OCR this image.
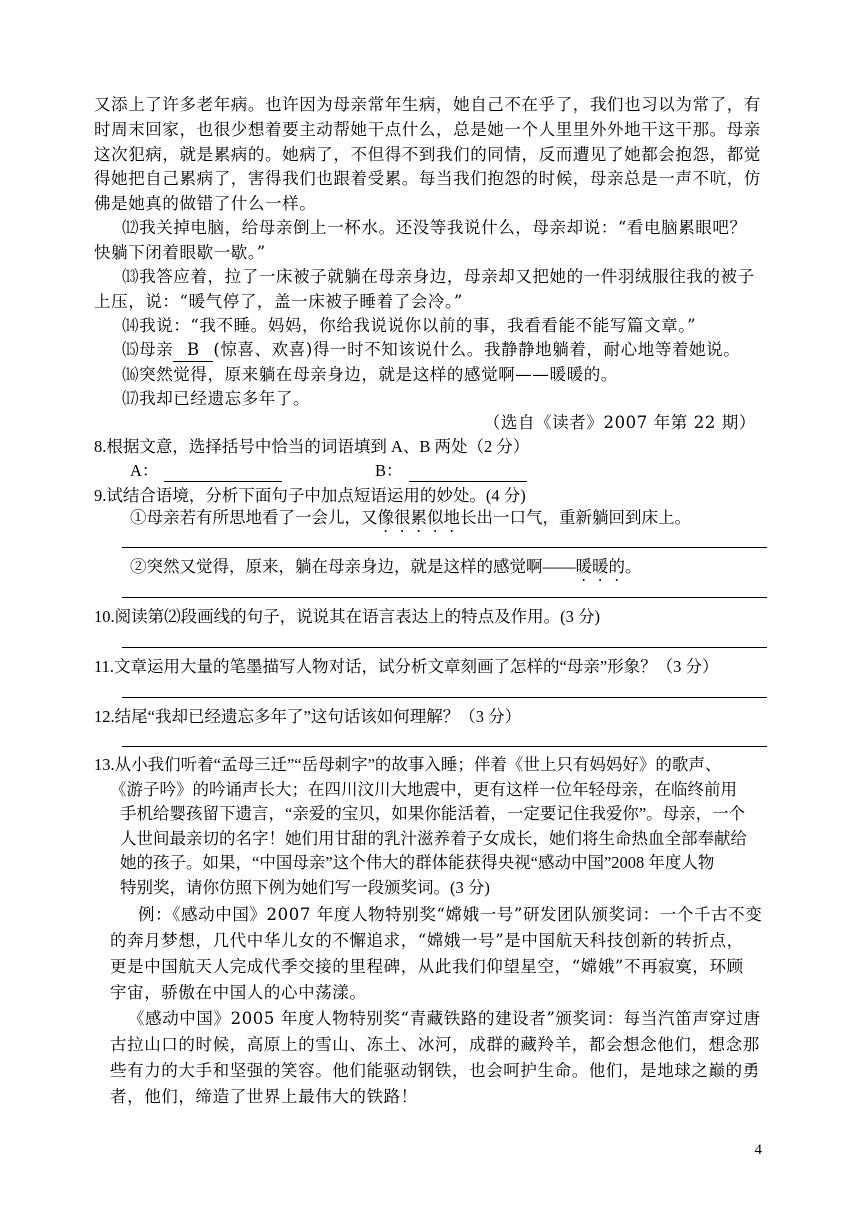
又添上了许多老年病。也许因为母亲常年生病，她自己不在乎了，我们也习以为常了，有
时周末回家，也很少想着要主动帮她干点什么，总是她一个人里里外外地干这干那。母亲
这次犯病，就是累病的。她病了，不但得不到我们的同情，反而遭见了她都会抱怨，都觉
得她把自己累病了，害得我们也跟着受累。每当我们抱怨的时候，母亲总是一声不吭，仿
佛是她真的做错了什么一样。
⑿我关掉电脑，给母亲倒上一杯水。还没等我说什么，母亲却说：“看电脑累眼吧？
快躺下闭着眼歇一歇。”
⒀我答应着，拉了一床被子就躺在母亲身边，母亲却又把她的一件羽绒服往我的被子
上压，说：“暖气停了，盖一床被子睡着了会冷。”
⒁我说：“我不睡。妈妈，你给我说说你以前的事，我看看能不能写篇文章。”
⒂母亲 B (惊喜、欢喜)得一时不知该说什么。我静静地躺着，耐心地等着她说。
⒃突然觉得，原来躺在母亲身边，就是这样的感觉啊——暖暖的。
⒄我却已经遗忘多年了。
（选自《读者》2007 年第 22 期）
8.根据文意，选择括号中恰当的词语填到 A、B 两处（2 分）
A：	B：
9.试结合语境，分析下面句子中加点短语运用的妙处。(4 分)
①母亲若有所思地看了一会儿，又像很累似地长出一口气，重新躺回到床上。
②突然又觉得，原来，躺在母亲身边，就是这样的感觉啊——暖暖的。
10.阅读第⑵段画线的句子，说说其在语言表达上的特点及作用。(3 分)
11.文章运用大量的笔墨描写人物对话，试分析文章刻画了怎样的“母亲”形象？（3 分）
12.结尾“我却已经遗忘多年了”这句话该如何理解？（3 分）
13.从小我们听着“孟母三迁”“岳母刺字”的故事入睡；伴着《世上只有妈妈好》的歌声、
《游子吟》的吟诵声长大；在四川汶川大地震中，更有这样一位年轻母亲，在临终前用
手机给婴孩留下遗言，“亲爱的宝贝，如果你能活着，一定要记住我爱你”。母亲，一个
人世间最亲切的名字！她们用甘甜的乳汁滋养着子女成长，她们将生命热血全部奉献给
她的孩子。如果，“中国母亲”这个伟大的群体能获得央视“感动中国”2008 年度人物
特别奖，请你仿照下例为她们写一段颁奖词。(3 分)
例：《感动中国》2007 年度人物特别奖“嫦娥一号”研发团队颁奖词：一个千古不变
的奔月梦想，几代中华儿女的不懈追求，“嫦娥一号”是中国航天科技创新的转折点，
更是中国航天人完成代季交接的里程碑，从此我们仰望星空，“嫦娥”不再寂寞，环顾
宇宙，骄傲在中国人的心中荡漾。
《感动中国》2005 年度人物特别奖“青藏铁路的建设者”颁奖词：每当汽笛声穿过唐
古拉山口的时候，高原上的雪山、冻土、冰河，成群的藏羚羊，都会想念他们，想念那
些有力的大手和坚强的笑容。他们能驱动钢铁，也会呵护生命。他们，是地球之巅的勇
者，他们，缔造了世界上最伟大的铁路！
4
